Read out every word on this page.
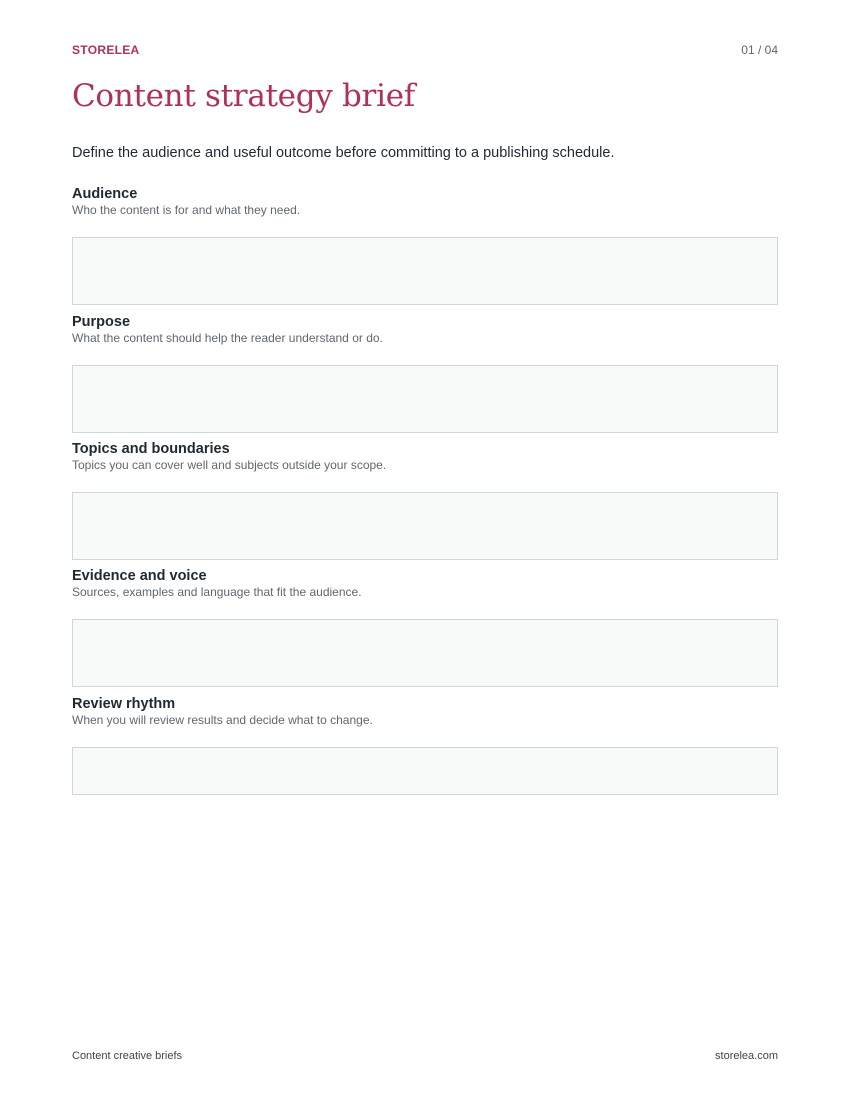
STORELEA	01 / 04
Content strategy brief

Define the audience and useful outcome before committing to a publishing schedule.

Audience

Who the content is for and what they need.

Purpose

What the content should help the reader understand or do.

Topics and boundaries

Topics you can cover well and subjects outside your scope.

Evidence and voice

Sources, examples and language that fit the audience.

Review rhythm

When you will review results and decide what to change.

Content creative briefs	storelea.com
